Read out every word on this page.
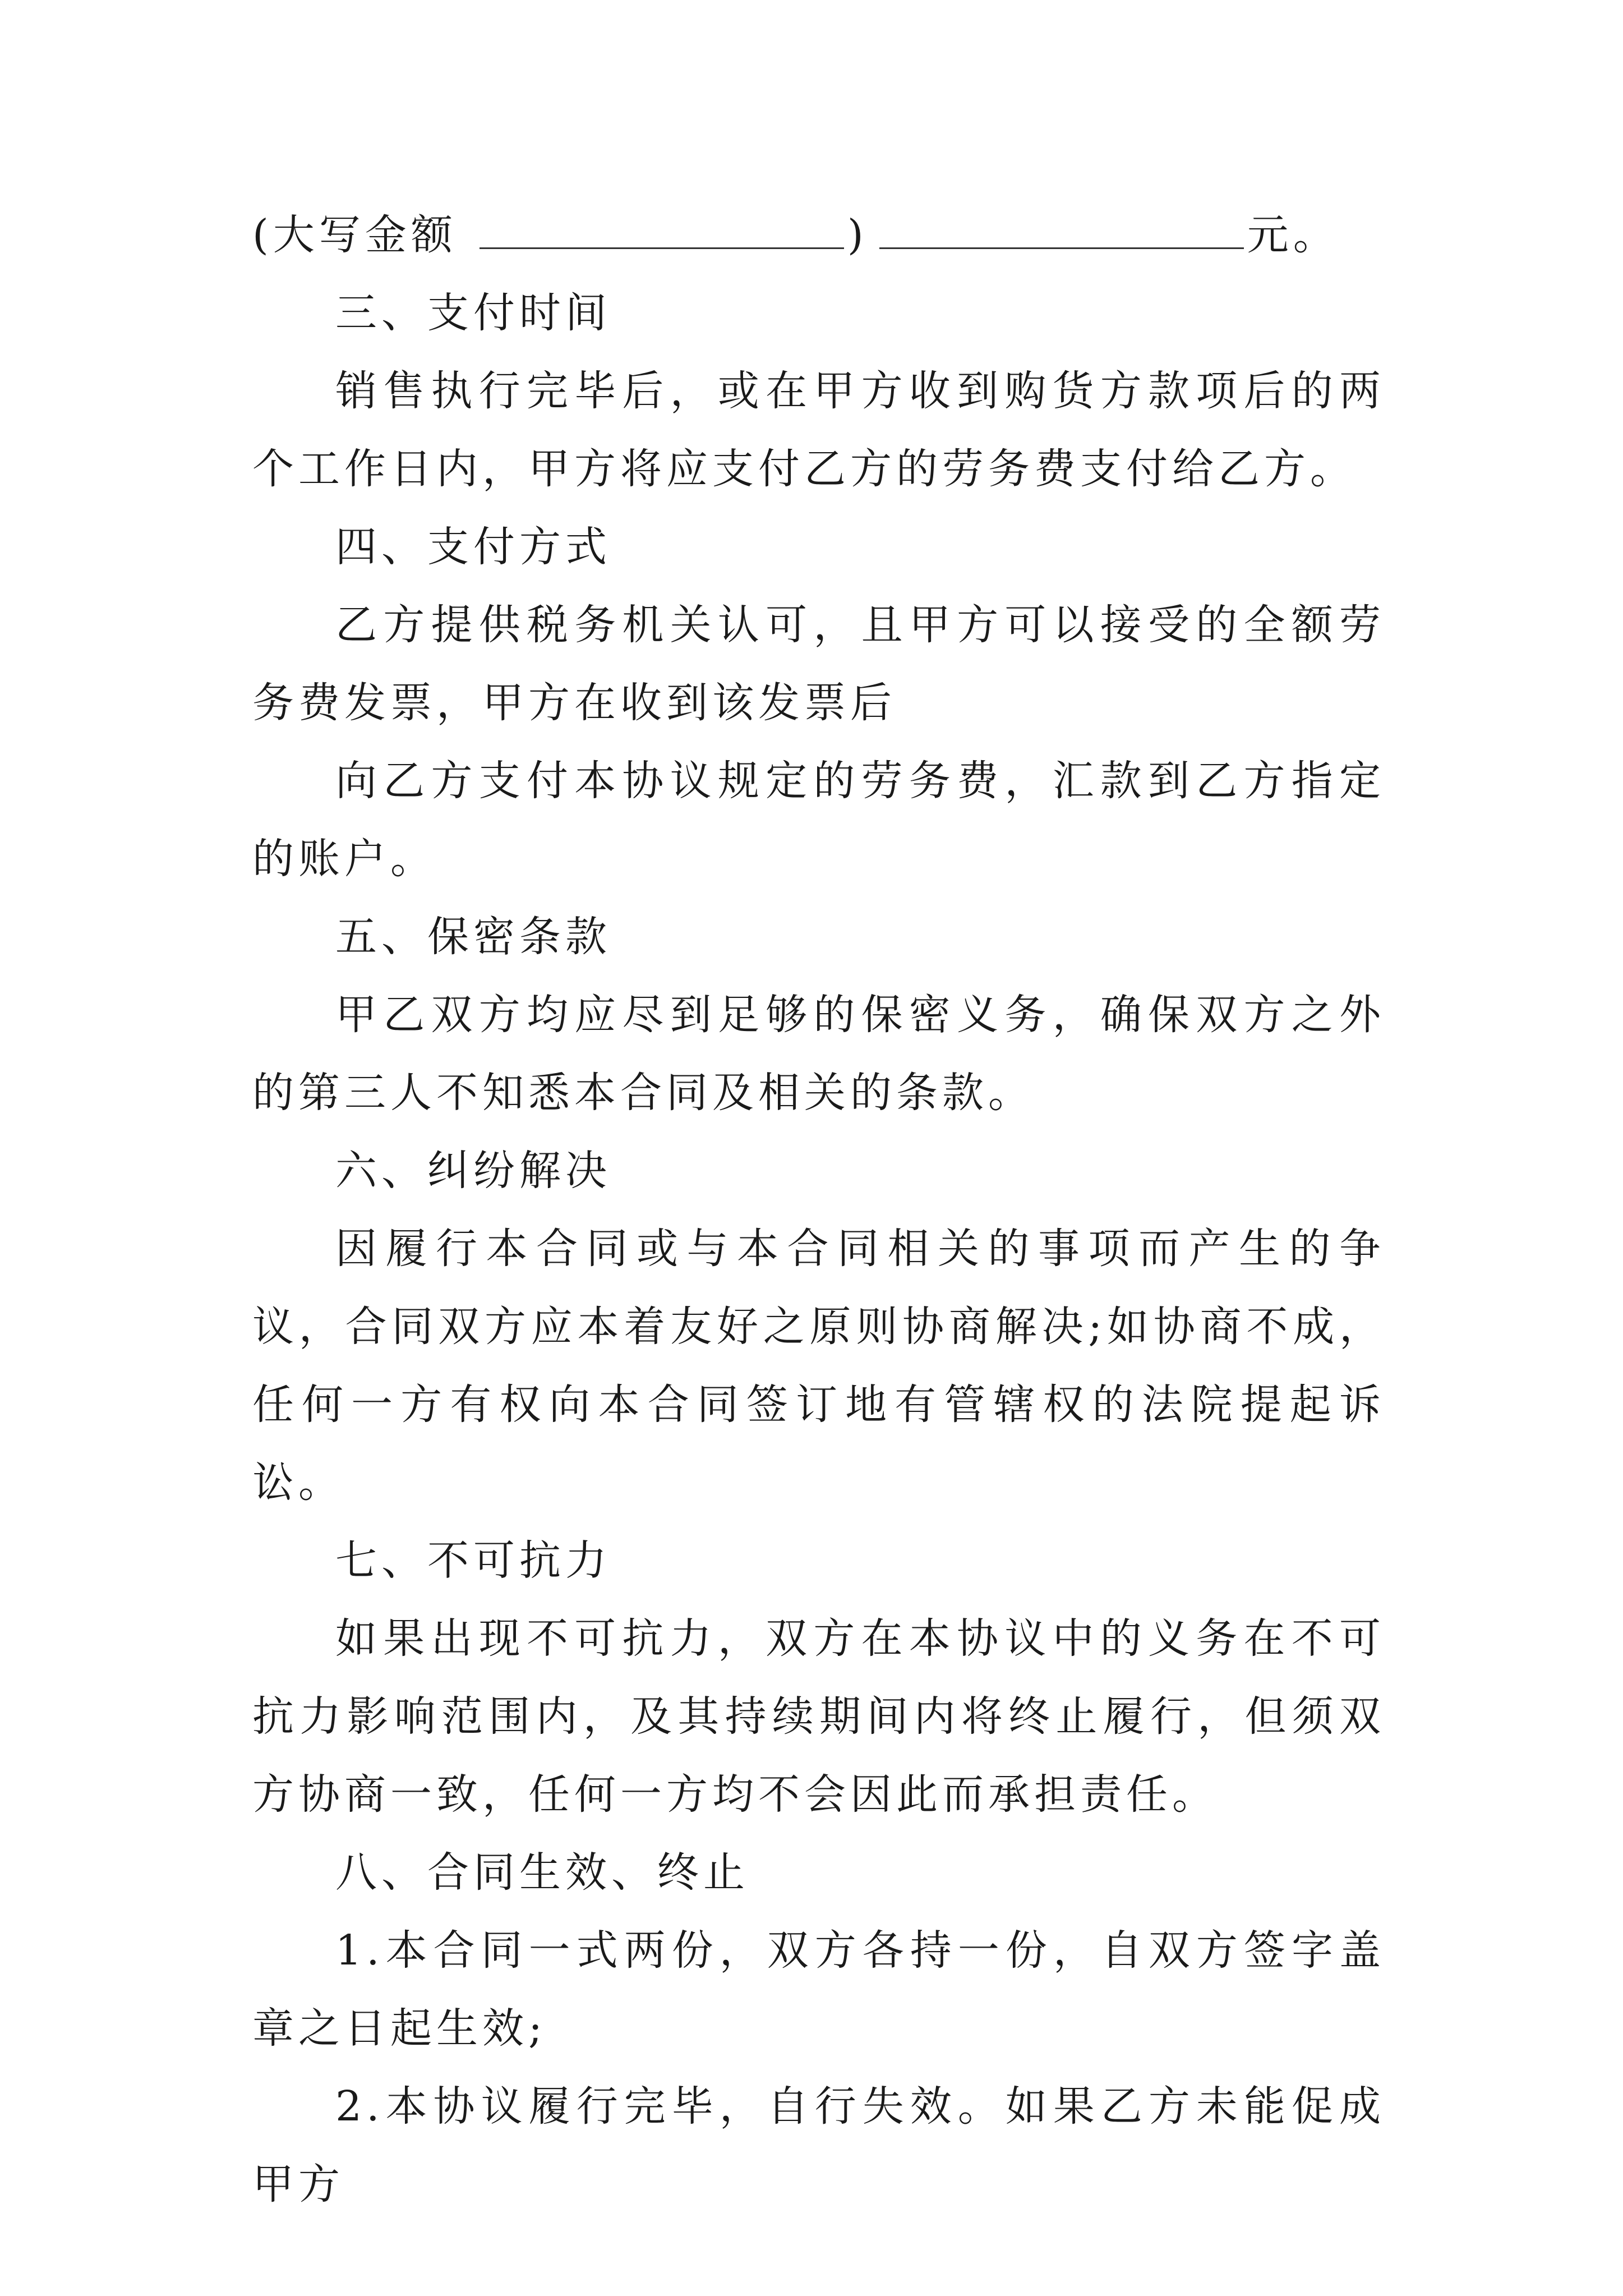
(大写金额	)	元。
三、支付时间
销售执行完毕后，或在甲方收到购货方款项后的两个工作日内，甲方将应支付乙方的劳务费支付给乙方。
四、支付方式
乙方提供税务机关认可，且甲方可以接受的全额劳务费发票，甲方在收到该发票后
向乙方支付本协议规定的劳务费，汇款到乙方指定的账户。
五、保密条款
甲乙双方均应尽到足够的保密义务，确保双方之外的第三人不知悉本合同及相关的条款。
六、纠纷解决
因履行本合同或与本合同相关的事项而产生的争议，合同双方应本着友好之原则协商解决;如协商不成，任何一方有权向本合同签订地有管辖权的法院提起诉讼。
七、不可抗力
如果出现不可抗力，双方在本协议中的义务在不可抗力影响范围内，及其持续期间内将终止履行，但须双方协商一致，任何一方均不会因此而承担责任。
八、合同生效、终止
1.本合同一式两份，双方各持一份，自双方签字盖章之日起生效;
2.本协议履行完毕，自行失效。如果乙方未能促成甲方
